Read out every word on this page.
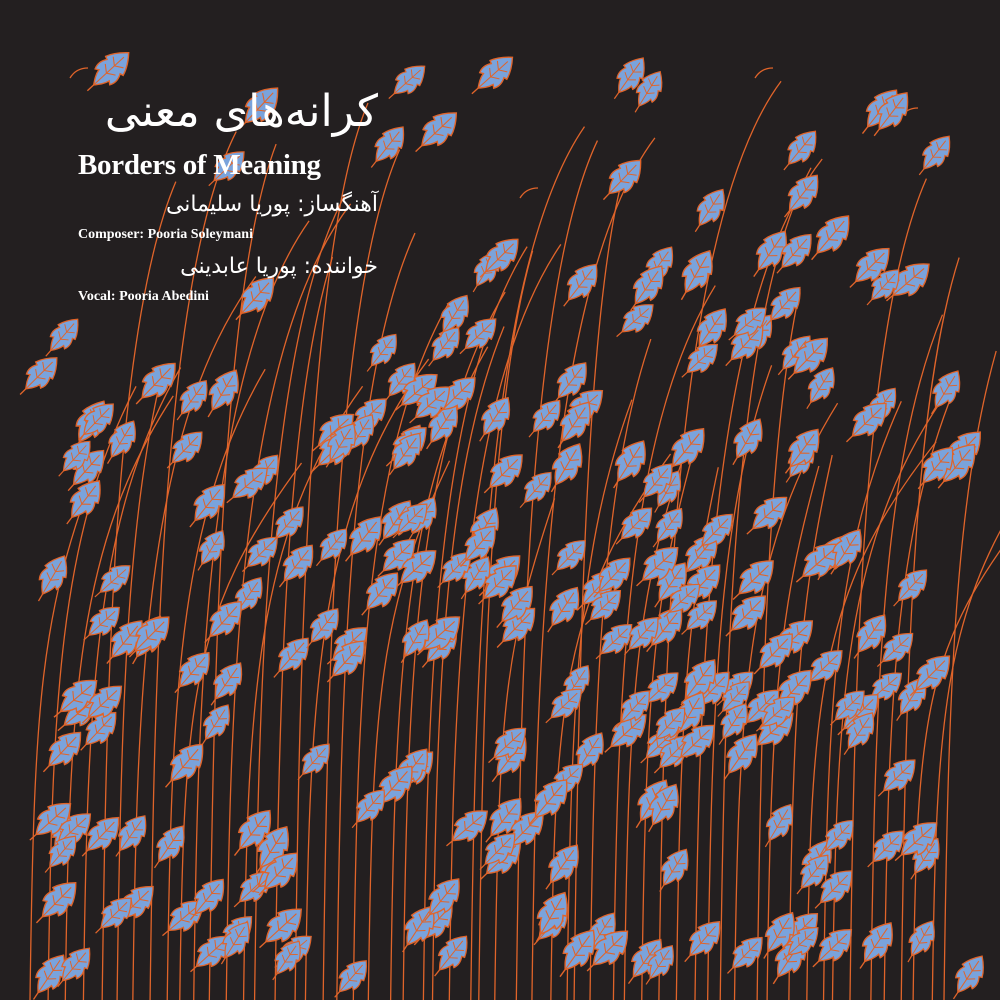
کرانه‌های معنی
Borders of Meaning
آهنگساز: پوریا سلیمانی
Composer: Pooria Soleymani
خواننده: پوریا عابدینی
Vocal: Pooria Abedini
